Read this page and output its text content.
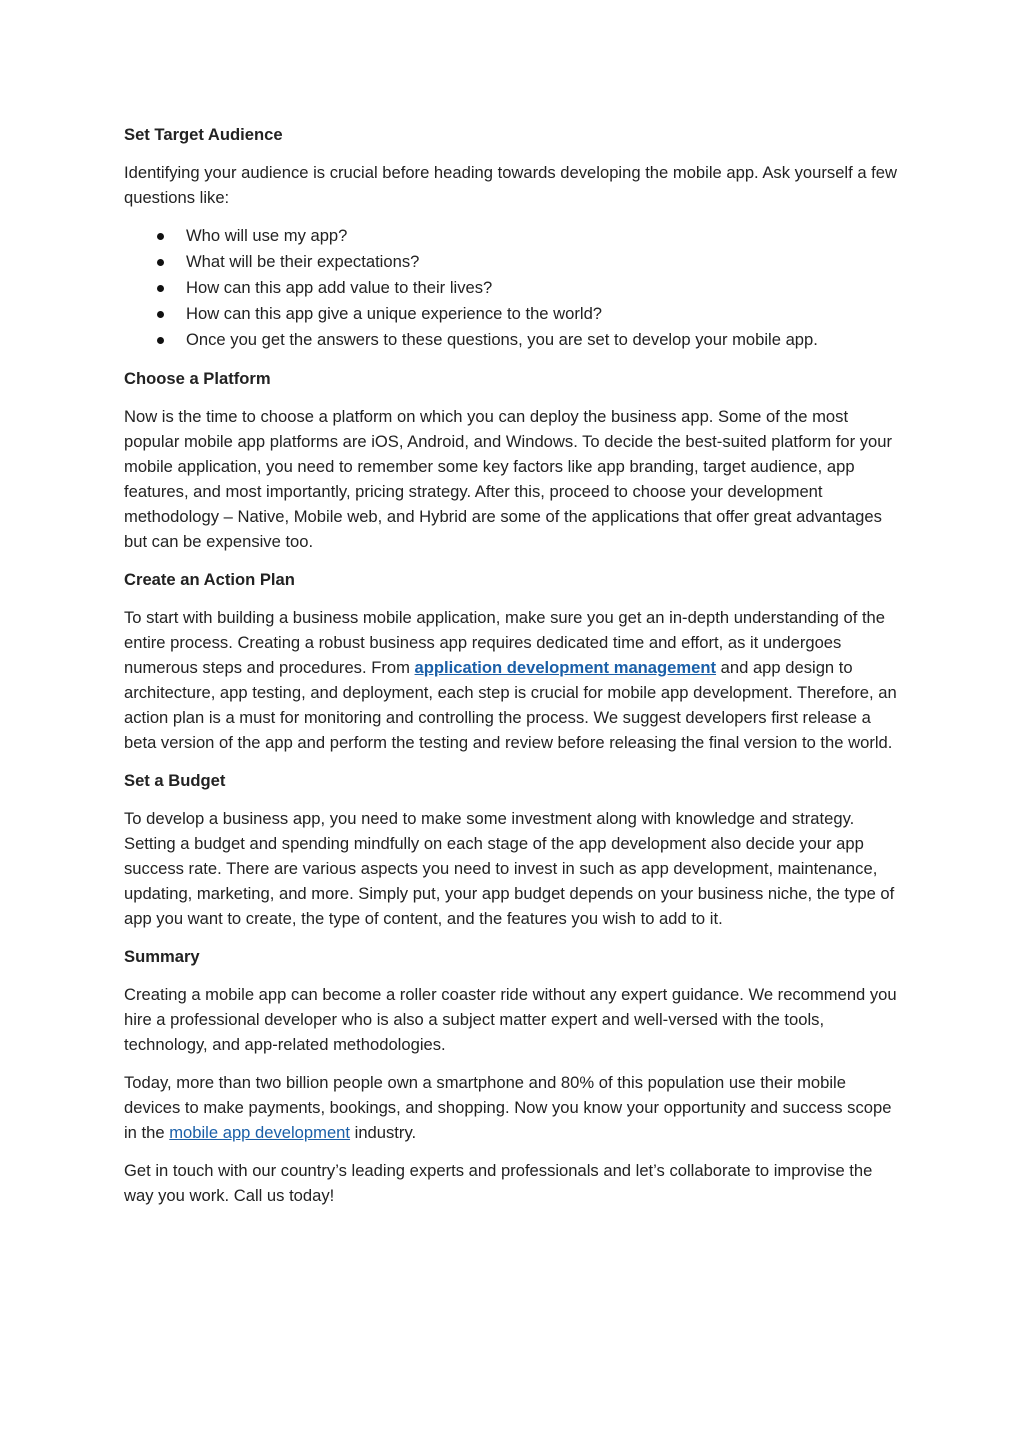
Set Target Audience

Identifying your audience is crucial before heading towards developing the mobile app. Ask yourself a few questions like:

Who will use my app?
What will be their expectations?
How can this app add value to their lives?
How can this app give a unique experience to the world?
Once you get the answers to these questions, you are set to develop your mobile app.
Choose a Platform

Now is the time to choose a platform on which you can deploy the business app. Some of the most popular mobile app platforms are iOS, Android, and Windows. To decide the best-suited platform for your mobile application, you need to remember some key factors like app branding, target audience, app features, and most importantly, pricing strategy. After this, proceed to choose your development methodology – Native, Mobile web, and Hybrid are some of the applications that offer great advantages but can be expensive too.

Create an Action Plan

To start with building a business mobile application, make sure you get an in-depth understanding of the entire process. Creating a robust business app requires dedicated time and effort, as it undergoes numerous steps and procedures. From application development management and app design to architecture, app testing, and deployment, each step is crucial for mobile app development. Therefore, an action plan is a must for monitoring and controlling the process. We suggest developers first release a beta version of the app and perform the testing and review before releasing the final version to the world.

Set a Budget

To develop a business app, you need to make some investment along with knowledge and strategy. Setting a budget and spending mindfully on each stage of the app development also decide your app success rate. There are various aspects you need to invest in such as app development, maintenance, updating, marketing, and more. Simply put, your app budget depends on your business niche, the type of app you want to create, the type of content, and the features you wish to add to it.

Summary

Creating a mobile app can become a roller coaster ride without any expert guidance. We recommend you hire a professional developer who is also a subject matter expert and well-versed with the tools, technology, and app-related methodologies.

Today, more than two billion people own a smartphone and 80% of this population use their mobile devices to make payments, bookings, and shopping. Now you know your opportunity and success scope in the mobile app development industry.

Get in touch with our country’s leading experts and professionals and let’s collaborate to improvise the way you work. Call us today!
